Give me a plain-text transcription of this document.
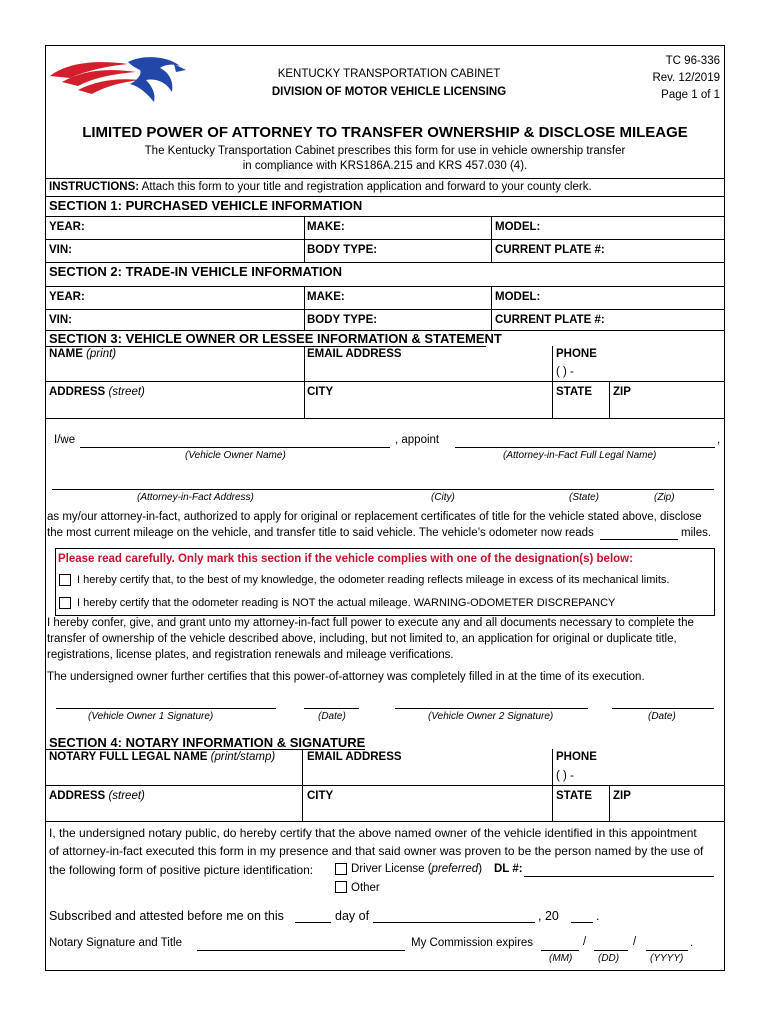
KENTUCKY TRANSPORTATION CABINET
DIVISION OF MOTOR VEHICLE LICENSING
TC 96-336
Rev. 12/2019
Page 1 of 1
LIMITED POWER OF ATTORNEY TO TRANSFER OWNERSHIP & DISCLOSE MILEAGE
The Kentucky Transportation Cabinet prescribes this form for use in vehicle ownership transfer
in compliance with KRS186A.215 and KRS 457.030 (4).
INSTRUCTIONS: Attach this form to your title and registration application and forward to your county clerk.
SECTION 1: PURCHASED VEHICLE INFORMATION
YEAR:	MAKE:	MODEL:
VIN:	BODY TYPE:	CURRENT PLATE #:
SECTION 2: TRADE-IN VEHICLE INFORMATION
YEAR:	MAKE:	MODEL:
VIN:	BODY TYPE:	CURRENT PLATE #:
SECTION 3: VEHICLE OWNER OR LESSEE INFORMATION & STATEMENT
NAME (print)	EMAIL ADDRESS	PHONE
( ) -
ADDRESS (street)	CITY	STATE ZIP
I/we	, appoint	,
(Vehicle Owner Name)	(Attorney-in-Fact Full Legal Name)
(Attorney-in-Fact Address)	(City)	(State)	(Zip)
as my/our attorney-in-fact, authorized to apply for original or replacement certificates of title for the vehicle stated above, disclose
the most current mileage on the vehicle, and transfer title to said vehicle. The vehicle’s odometer now reads	miles.
Please read carefully. Only mark this section if the vehicle complies with one of the designation(s) below:
I hereby certify that, to the best of my knowledge, the odometer reading reflects mileage in excess of its mechanical limits.
I hereby certify that the odometer reading is NOT the actual mileage. WARNING-ODOMETER DISCREPANCY
I hereby confer, give, and grant unto my attorney-in-fact full power to execute any and all documents necessary to complete the
transfer of ownership of the vehicle described above, including, but not limited to, an application for original or duplicate title,
registrations, license plates, and registration renewals and mileage verifications.
The undersigned owner further certifies that this power-of-attorney was completely filled in at the time of its execution.
(Vehicle Owner 1 Signature)	(Date)	(Vehicle Owner 2 Signature)	(Date)
SECTION 4: NOTARY INFORMATION & SIGNATURE
NOTARY FULL LEGAL NAME (print/stamp)	EMAIL ADDRESS	PHONE
( ) -
ADDRESS (street)	CITY	STATE ZIP
I, the undersigned notary public, do hereby certify that the above named owner of the vehicle identified in this appointment
of attorney-in-fact executed this form in my presence and that said owner was proven to be the person named by the use of
the following form of positive picture identification:	Driver License (preferred) DL #:
Other
Subscribed and attested before me on this	day of	, 20	.
Notary Signature and Title	My Commission expires	/	/	.
(MM)	(DD)	(YYYY)
